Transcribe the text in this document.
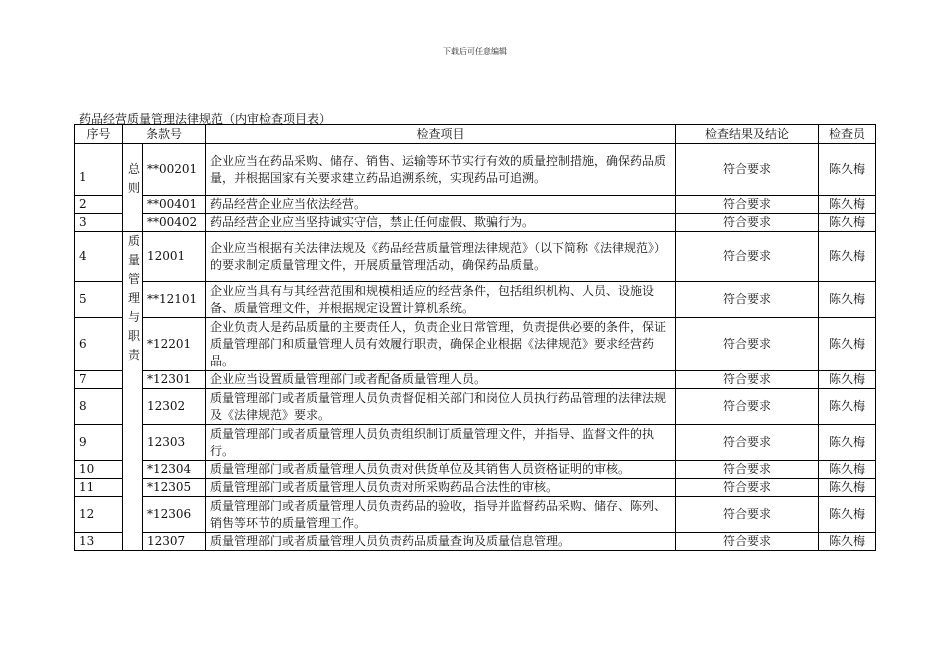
下载后可任意编辑
药品经营质量管理法律规范（内审检查项目表）
序号	条款号		检查项目	检查结果及结论	检查员
1	总则	**00201	企业应当在药品采购、储存、销售、运输等环节实行有效的质量控制措施，确保药品质量，并根据国家有关要求建立药品追溯系统，实现药品可追溯。	符合要求	陈久梅
2		**00401	药品经营企业应当依法经营。	符合要求	陈久梅
3		**00402	药品经营企业应当坚持诚实守信，禁止任何虚假、欺骗行为。	符合要求	陈久梅
4	质量管理与职责	12001	企业应当根据有关法律法规及《药品经营质量管理法律规范》（以下简称《法律规范》）的要求制定质量管理文件，开展质量管理活动，确保药品质量。	符合要求	陈久梅
5		**12101	企业应当具有与其经营范围和规模相适应的经营条件，包括组织机构、人员、设施设备、质量管理文件，并根据规定设置计算机系统。	符合要求	陈久梅
6		*12201	企业负责人是药品质量的主要责任人，负责企业日常管理，负责提供必要的条件，保证质量管理部门和质量管理人员有效履行职责，确保企业根据《法律规范》要求经营药品。	符合要求	陈久梅
7		*12301	企业应当设置质量管理部门或者配备质量管理人员。	符合要求	陈久梅
8		12302	质量管理部门或者质量管理人员负责督促相关部门和岗位人员执行药品管理的法律法规及《法律规范》要求。	符合要求	陈久梅
9		12303	质量管理部门或者质量管理人员负责组织制订质量管理文件，并指导、监督文件的执行。	符合要求	陈久梅
10		*12304	质量管理部门或者质量管理人员负责对供货单位及其销售人员资格证明的审核。	符合要求	陈久梅
11		*12305	质量管理部门或者质量管理人员负责对所采购药品合法性的审核。	符合要求	陈久梅
12		*12306	质量管理部门或者质量管理人员负责药品的验收，指导并监督药品采购、储存、陈列、销售等环节的质量管理工作。	符合要求	陈久梅
13		12307	质量管理部门或者质量管理人员负责药品质量查询及质量信息管理。	符合要求	陈久梅
